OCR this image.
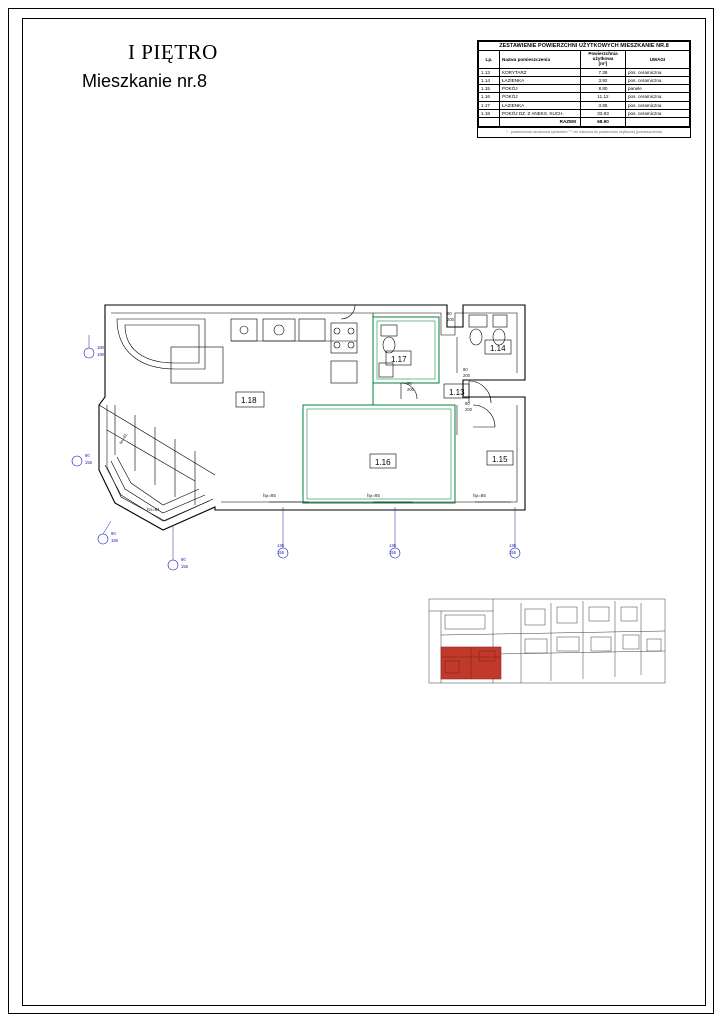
I PIĘTRO
Mieszkanie nr.8
ZESTAWIENIE POWIERZCHNI UŻYTKOWYCH MIESZKANIE NR.8			
Lp.	Nazwa pomieszczenia	Powierzchnia
użytkowa
[m²]	UWAGI
1.13	KORYTARZ	7.38	pos. ceramiczna
1.14	ŁAZIENKA	3.92	pos. ceramiczna
1.15	POKÓJ	8.80	panele
1.16	POKÓJ	11.12	pos. ceramiczna
1.17	ŁAZIENKA	3.85	pos. ceramiczna
1.18	POKÓJ DZ. Z ANEKS. KUCH.	33.83	pos. ceramiczna
	RAZEM	68.90	
* - powierzchnia oznaczona symbolem "*" nie wliczona do powierzchni użytkowej (pomieszczenia)
1.18
1.17
1.16	1.15
1.14
1.13
180
190
90
155
90
155
90
155
135
155
135
155
135
155
80
200
80
200
80
200
90
200
hp=85	hp=85	hp=85
hn=81
hn=81
